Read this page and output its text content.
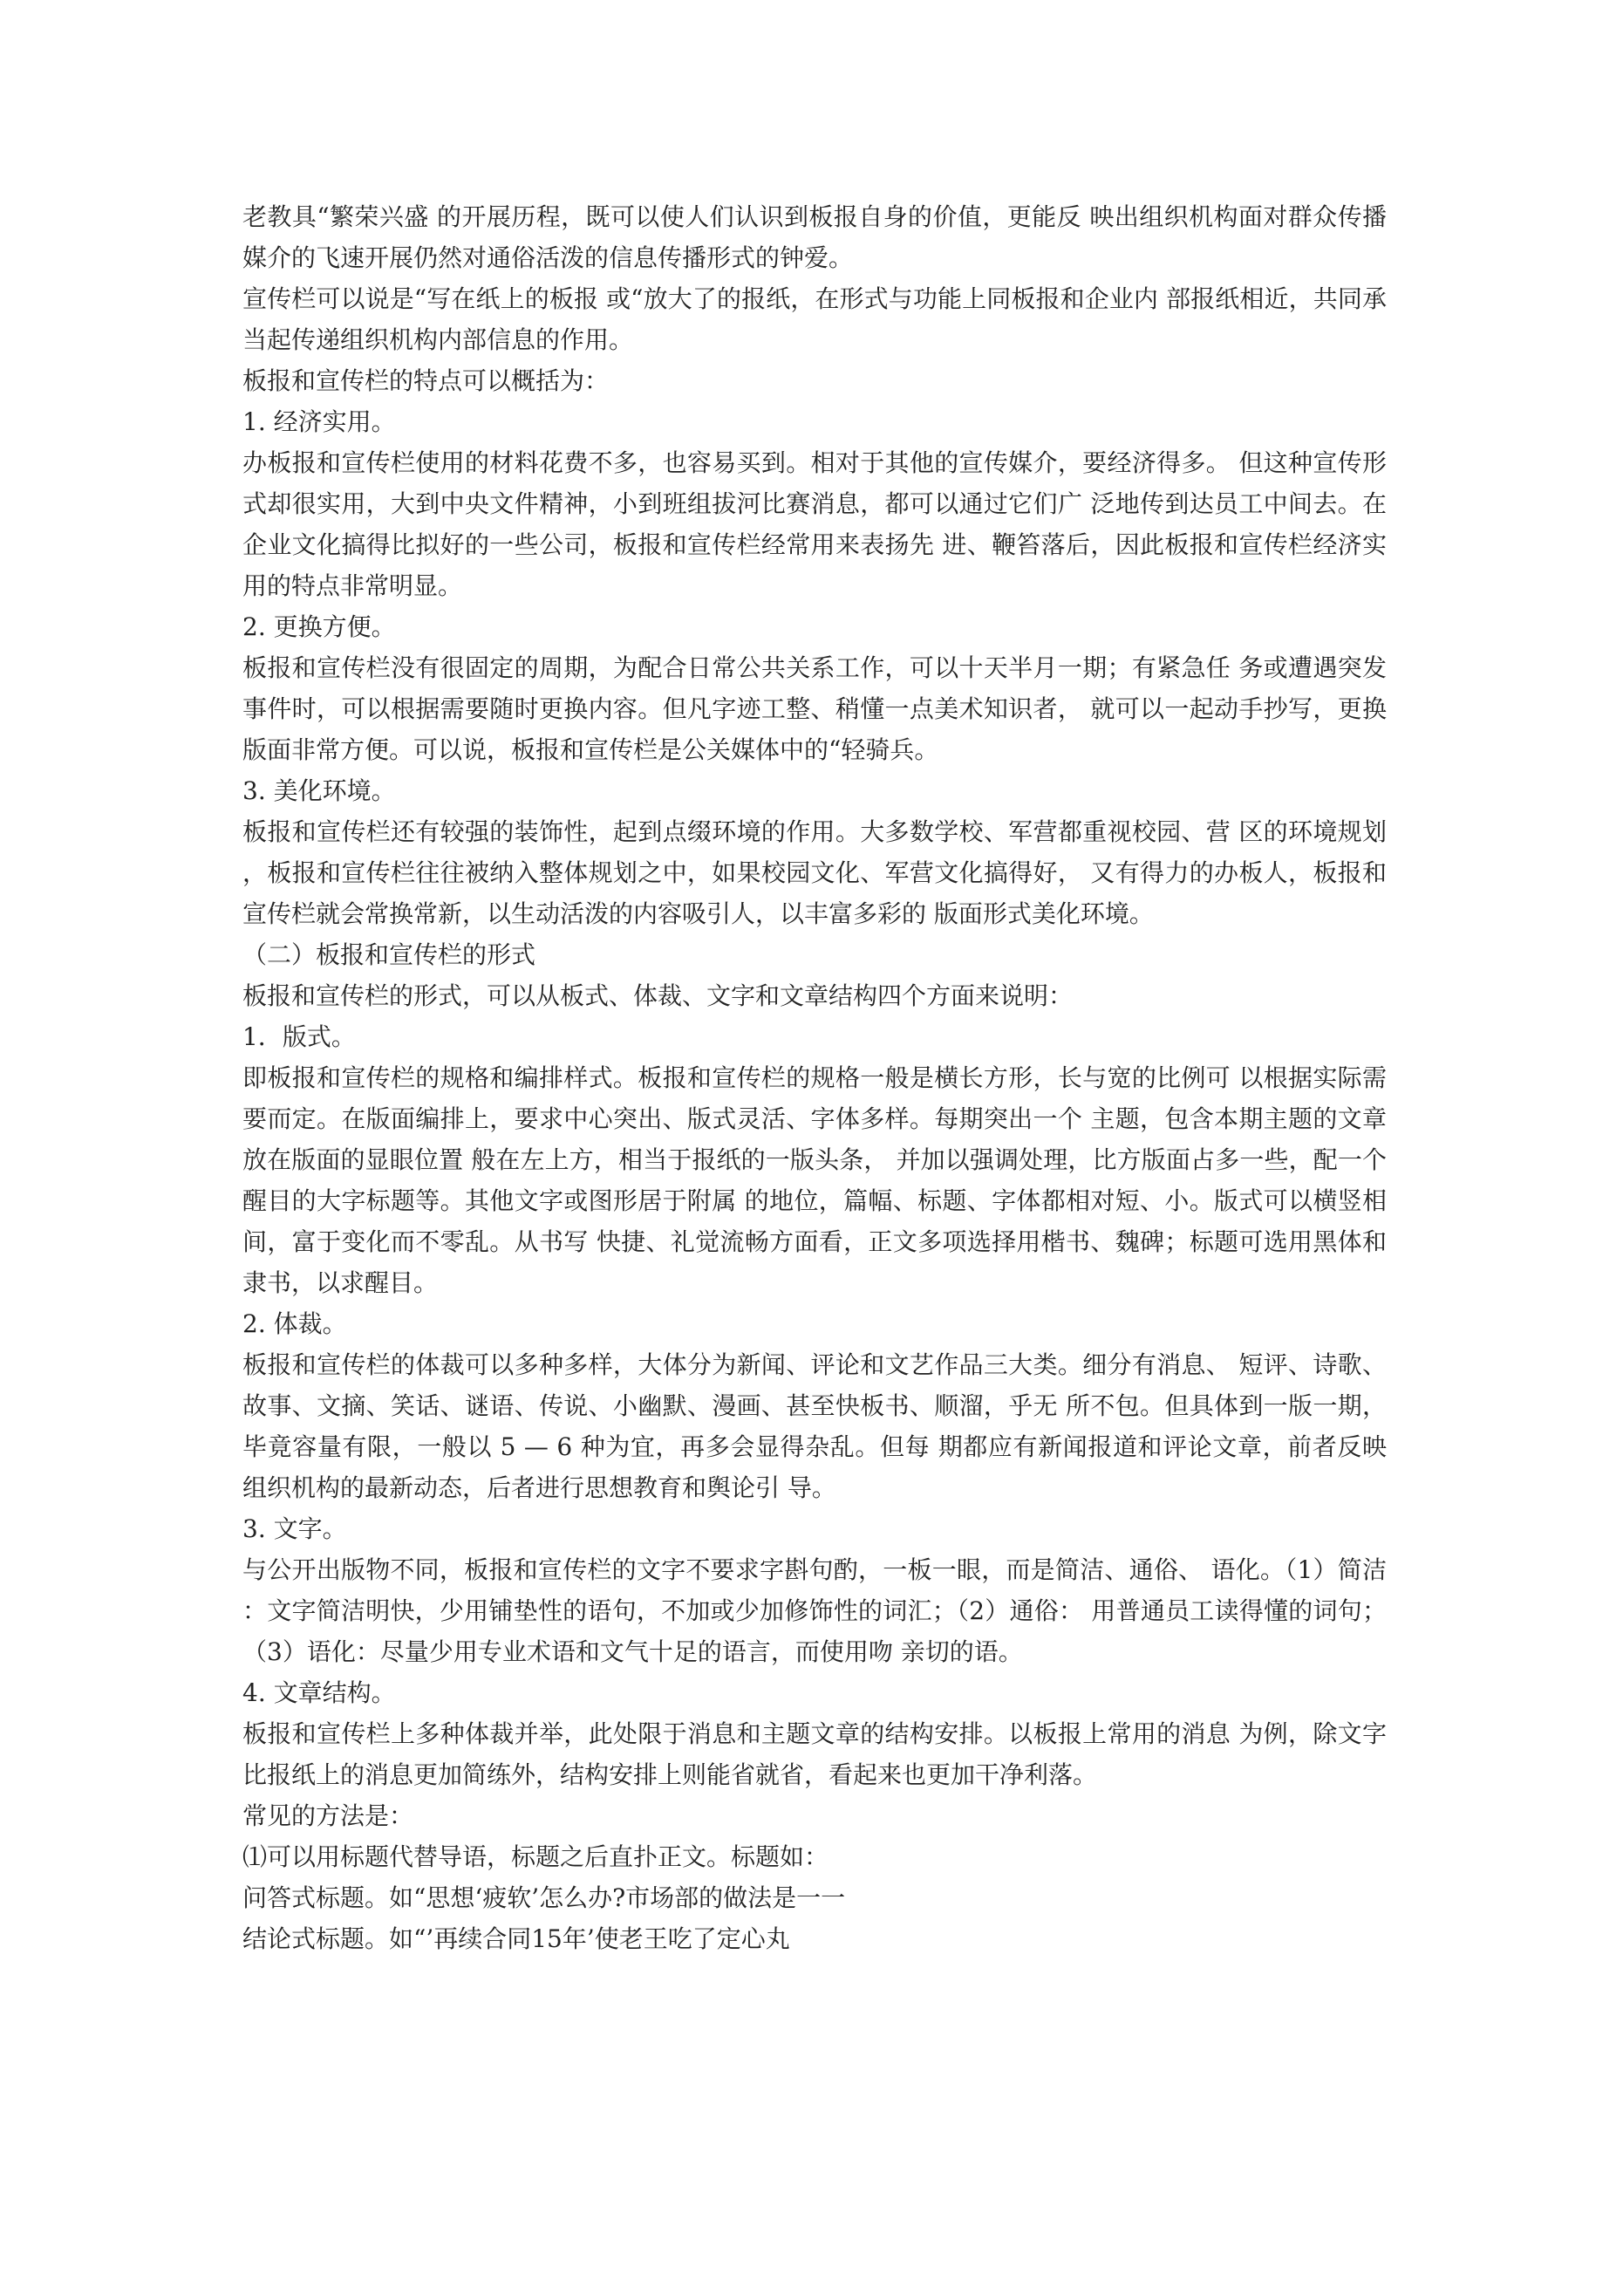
老教具“繁荣兴盛 的开展历程，既可以使人们认识到板报自身的价值，更能反 映出组织机构面对群众传播媒介的飞速开展仍然对通俗活泼的信息传播形式的钟爱。

宣传栏可以说是“写在纸上的板报 或“放大了的报纸，在形式与功能上同板报和企业内 部报纸相近，共同承当起传递组织机构内部信息的作用。

板报和宣传栏的特点可以概括为：

1. 经济实用。

办板报和宣传栏使用的材料花费不多，也容易买到。相对于其他的宣传媒介，要经济得多。 但这种宣传形式却很实用，大到中央文件精神，小到班组拔河比赛消息，都可以通过它们广 泛地传到达员工中间去。在企业文化搞得比拟好的一些公司，板报和宣传栏经常用来表扬先 进、鞭笞落后，因此板报和宣传栏经济实用的特点非常明显。

2. 更换方便。

板报和宣传栏没有很固定的周期，为配合日常公共关系工作，可以十天半月一期；有紧急任 务或遭遇突发事件时，可以根据需要随时更换内容。但凡字迹工整、稍懂一点美术知识者， 就可以一起动手抄写，更换版面非常方便。可以说，板报和宣传栏是公关媒体中的“轻骑兵。

3. 美化环境。

板报和宣传栏还有较强的装饰性，起到点缀环境的作用。大多数学校、军营都重视校园、营 区的环境规划，板报和宣传栏往往被纳入整体规划之中，如果校园文化、军营文化搞得好， 又有得力的办板人，板报和宣传栏就会常换常新，以生动活泼的内容吸引人，以丰富多彩的 版面形式美化环境。

（二）板报和宣传栏的形式

板报和宣传栏的形式，可以从板式、体裁、文字和文章结构四个方面来说明：

1．版式。

即板报和宣传栏的规格和编排样式。板报和宣传栏的规格一般是横长方形，长与宽的比例可 以根据实际需要而定。在版面编排上，要求中心突出、版式灵活、字体多样。每期突出一个 主题，包含本期主题的文章放在版面的显眼位置 般在左上方，相当于报纸的一版头条， 并加以强调处理，比方版面占多一些，配一个醒目的大字标题等。其他文字或图形居于附属 的地位，篇幅、标题、字体都相对短、小。版式可以横竖相间，富于变化而不零乱。从书写 快捷、礼觉流畅方面看，正文多项选择用楷书、魏碑；标题可选用黑体和隶书，以求醒目。

2. 体裁。

板报和宣传栏的体裁可以多种多样，大体分为新闻、评论和文艺作品三大类。细分有消息、 短评、诗歌、故事、文摘、笑话、谜语、传说、小幽默、漫画、甚至快板书、顺溜，乎无 所不包。但具体到一版一期，毕竟容量有限，一般以 5 — 6 种为宜，再多会显得杂乱。但每 期都应有新闻报道和评论文章，前者反映组织机构的最新动态，后者进行思想教育和舆论引 导。

3. 文字。

与公开出版物不同，板报和宣传栏的文字不要求字斟句酌，一板一眼，而是简洁、通俗、 语化。（1）简洁：文字简洁明快，少用铺垫性的语句，不加或少加修饰性的词汇；（2）通俗： 用普通员工读得懂的词句；（3）语化：尽量少用专业术语和文气十足的语言，而使用吻 亲切的语。

4. 文章结构。

板报和宣传栏上多种体裁并举，此处限于消息和主题文章的结构安排。以板报上常用的消息 为例，除文字比报纸上的消息更加简练外，结构安排上则能省就省，看起来也更加干净利落。

常见的方法是：

⑴可以用标题代替导语，标题之后直扑正文。标题如：

问答式标题。如“思想‘疲软’怎么办?市场部的做法是一一

结论式标题。如“’再续合同15年’使老王吃了定心丸
